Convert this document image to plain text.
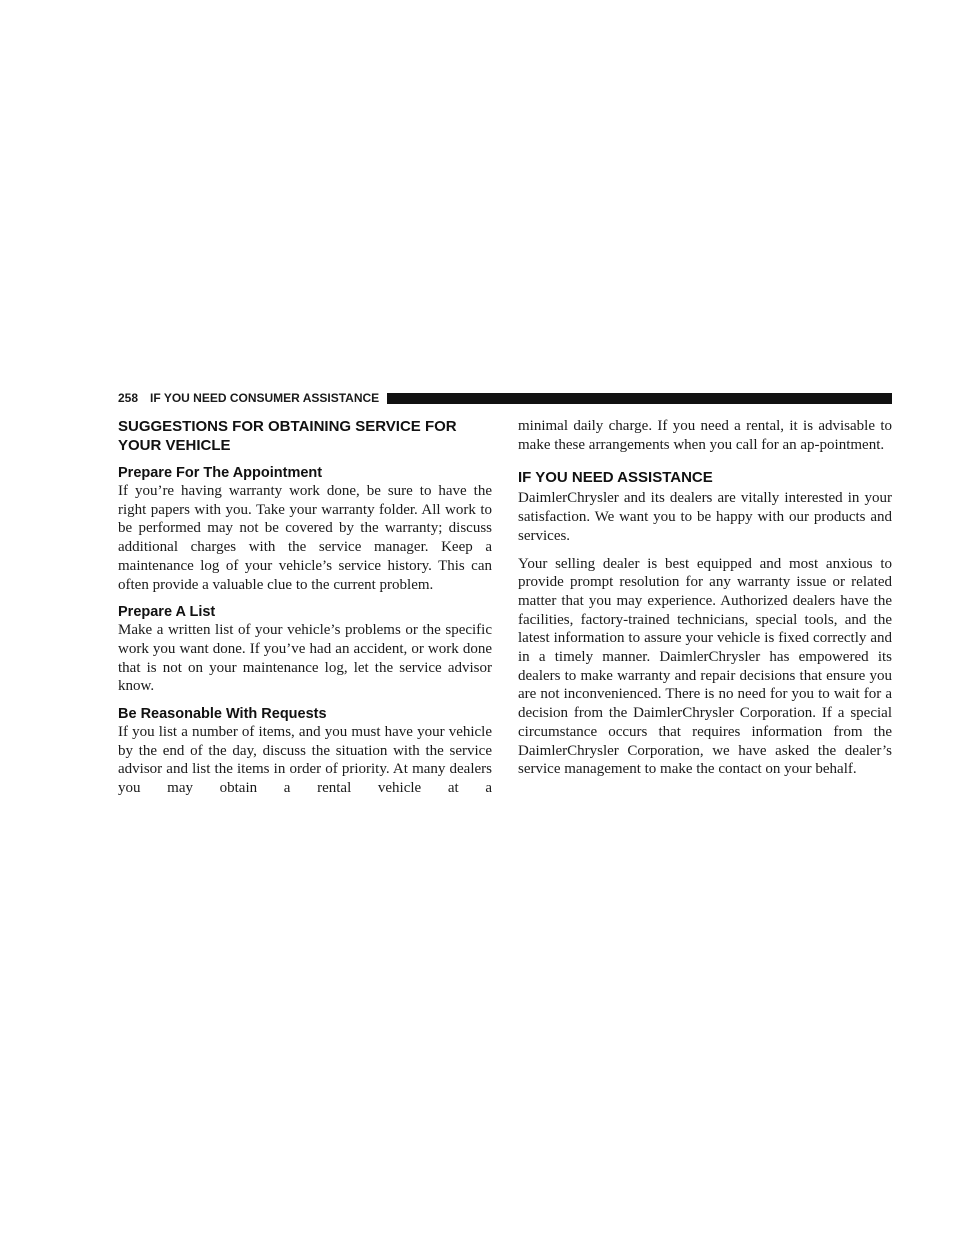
258 IF YOU NEED CONSUMER ASSISTANCE
SUGGESTIONS FOR OBTAINING SERVICE FOR YOUR VEHICLE
Prepare For The Appointment

If you’re having warranty work done, be sure to have the right papers with you. Take your warranty folder. All work to be performed may not be covered by the warranty; discuss additional charges with the service manager. Keep a maintenance log of your vehicle’s service history. This can often provide a valuable clue to the current problem.

Prepare A List

Make a written list of your vehicle’s problems or the specific work you want done. If you’ve had an accident, or work done that is not on your maintenance log, let the service advisor know.

Be Reasonable With Requests

If you list a number of items, and you must have your vehicle by the end of the day, discuss the situation with the service advisor and list the items in order of priority. At many dealers you may obtain a rental vehicle at a

minimal daily charge. If you need a rental, it is advisable to make these arrangements when you call for an ap-pointment.

IF YOU NEED ASSISTANCE

DaimlerChrysler and its dealers are vitally interested in your satisfaction. We want you to be happy with our products and services.

Your selling dealer is best equipped and most anxious to provide prompt resolution for any warranty issue or related matter that you may experience. Authorized dealers have the facilities, factory-trained technicians, special tools, and the latest information to assure your vehicle is fixed correctly and in a timely manner. DaimlerChrysler has empowered its dealers to make warranty and repair decisions that ensure you are not inconvenienced. There is no need for you to wait for a decision from the DaimlerChrysler Corporation. If a special circumstance occurs that requires information from the DaimlerChrysler Corporation, we have asked the dealer’s service management to make the contact on your behalf.
